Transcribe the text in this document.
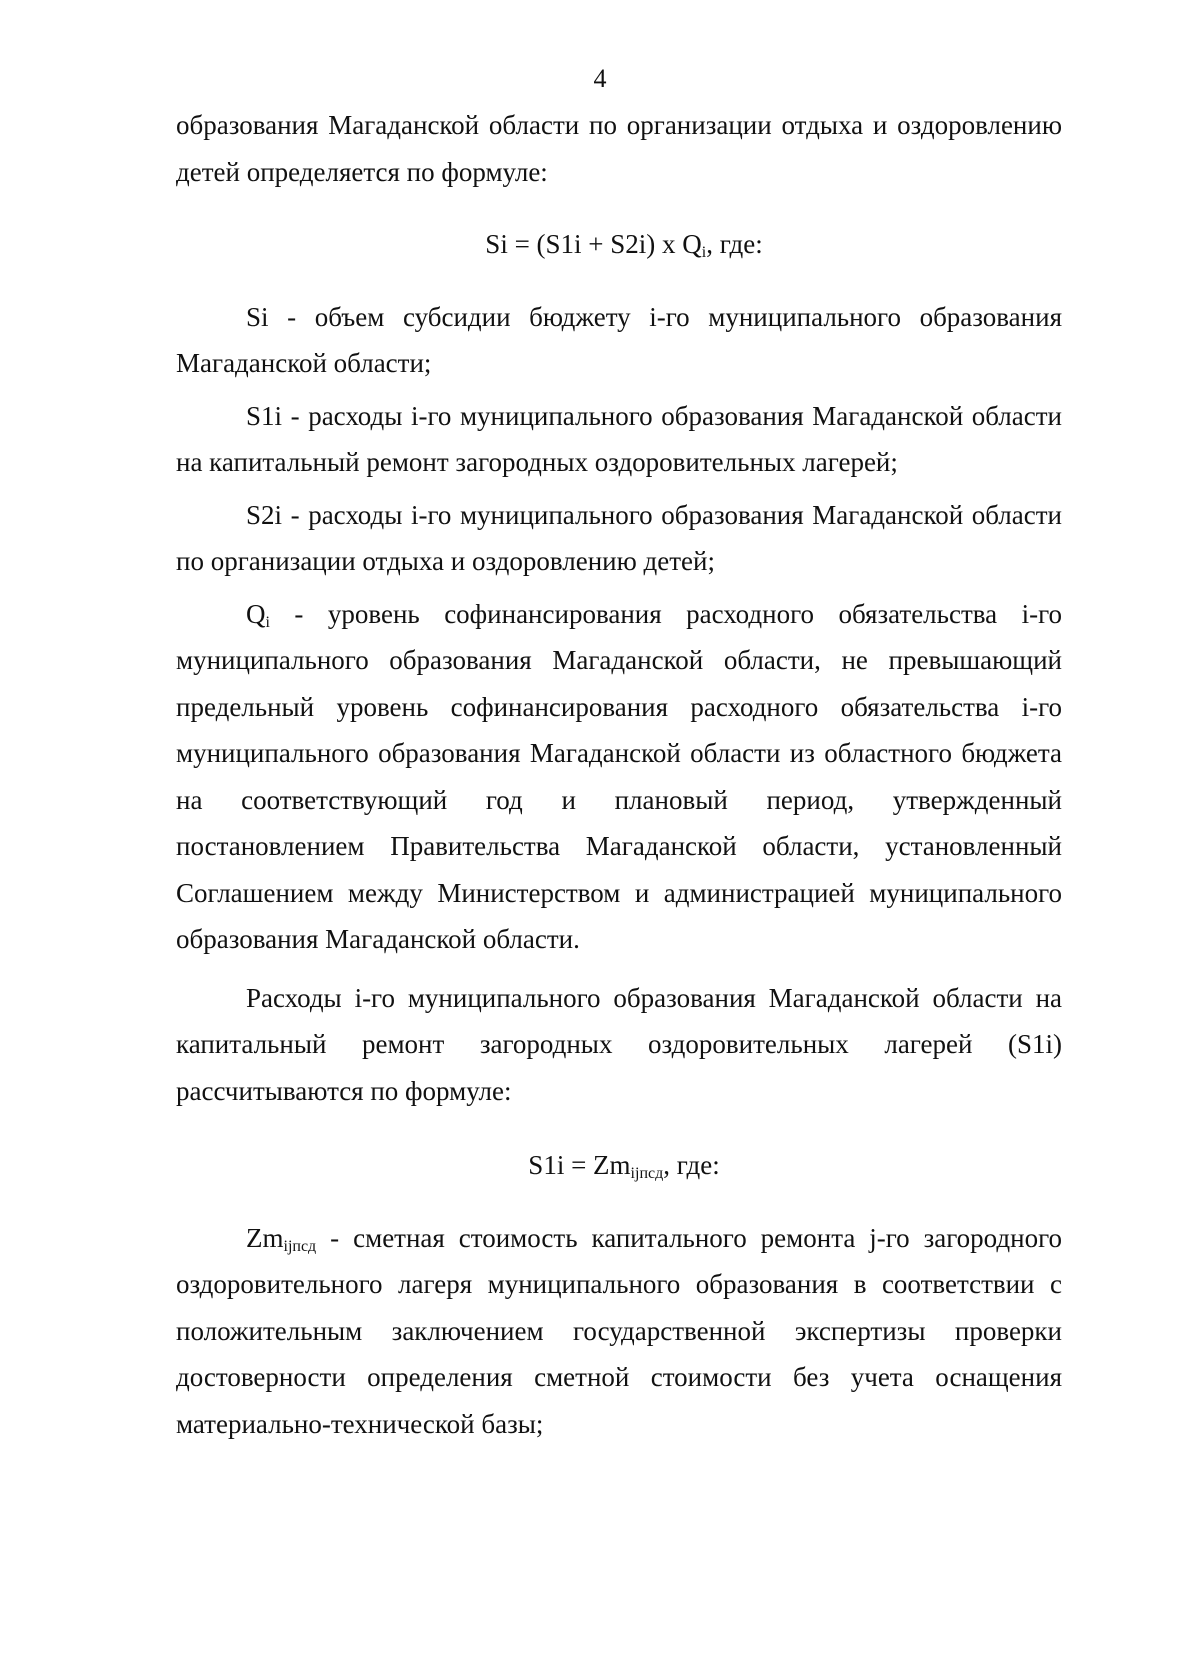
4

образования Магаданской области по организации отдыха и оздоровлению детей определяется по формуле:

Si = (S1i + S2i) x $Q_i$, где:

Si - объем субсидии бюджету i-го муниципального образования Магаданской области;

S1i - расходы i-го муниципального образования Магаданской области на капитальный ремонт загородных оздоровительных лагерей;

S2i - расходы i-го муниципального образования Магаданской области по организации отдыха и оздоровлению детей;

$Q_i$ - уровень софинансирования расходного обязательства i-го муниципального образования Магаданской области, не превышающий предельный уровень софинансирования расходного обязательства i-го муниципального образования Магаданской области из областного бюджета на соответствующий год и плановый период, утвержденный постановлением Правительства Магаданской области, установленный Соглашением между Министерством и администрацией муниципального образования Магаданской области.

Расходы i-го муниципального образования Магаданской области на капитальный ремонт загородных оздоровительных лагерей (S1i) рассчитываются по формуле:

$S1i = Zm_{ijпсд}$, где:

$Zm_{ijпсд}$ - сметная стоимость капитального ремонта j-го загородного оздоровительного лагеря муниципального образования в соответствии с положительным заключением государственной экспертизы проверки достоверности определения сметной стоимости без учета оснащения материально-технической базы;
